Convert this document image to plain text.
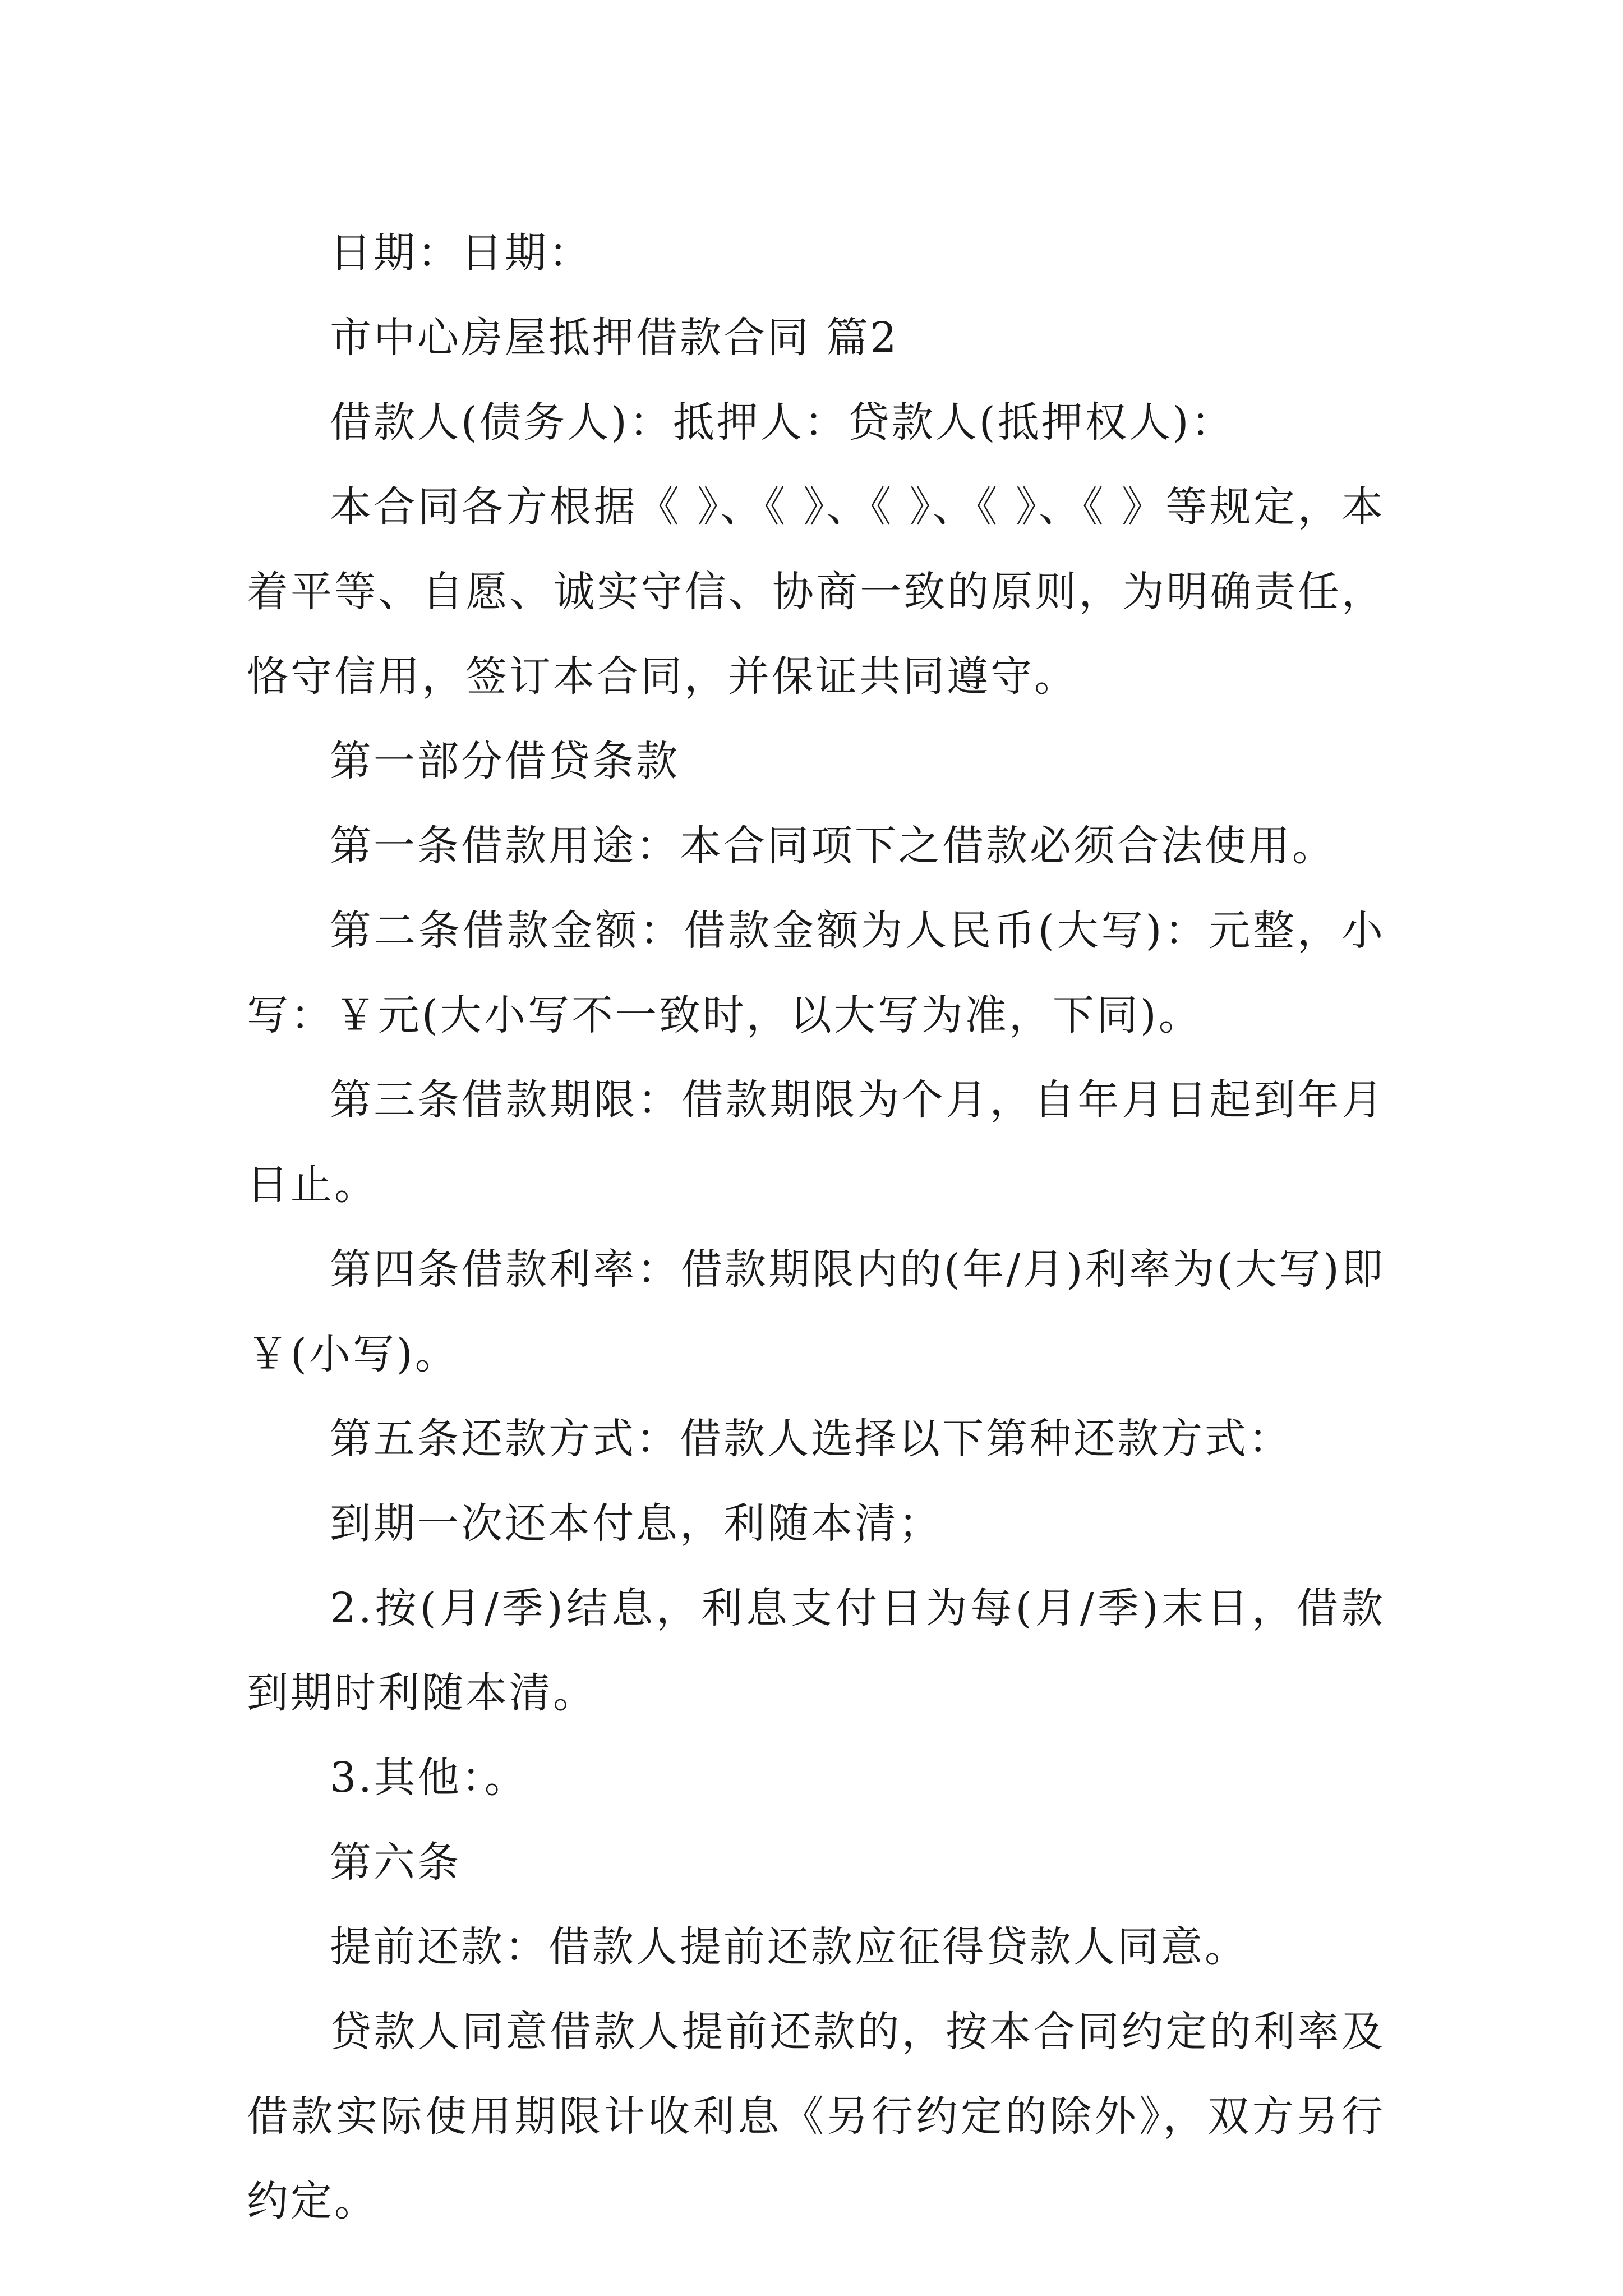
日期：日期：

市中心房屋抵押借款合同 篇2

借款人(债务人)：抵押人：贷款人(抵押权人)：

本合同各方根据《 》、《 》、《 》、《 》、《 》等规定，本着平等、自愿、诚实守信、协商一致的原则，为明确责任，恪守信用，签订本合同，并保证共同遵守。

第一部分借贷条款

第一条借款用途：本合同项下之借款必须合法使用。

第二条借款金额：借款金额为人民币(大写)：元整，小写：￥元(大小写不一致时，以大写为准，下同)。

第三条借款期限：借款期限为个月，自年月日起到年月日止。

第四条借款利率：借款期限内的(年/月)利率为(大写)即￥(小写)。

第五条还款方式：借款人选择以下第种还款方式：

到期一次还本付息，利随本清；

2.按(月/季)结息，利息支付日为每(月/季)末日，借款到期时利随本清。

3.其他：。

第六条

提前还款：借款人提前还款应征得贷款人同意。

贷款人同意借款人提前还款的，按本合同约定的利率及借款实际使用期限计收利息《另行约定的除外》，双方另行约定。
